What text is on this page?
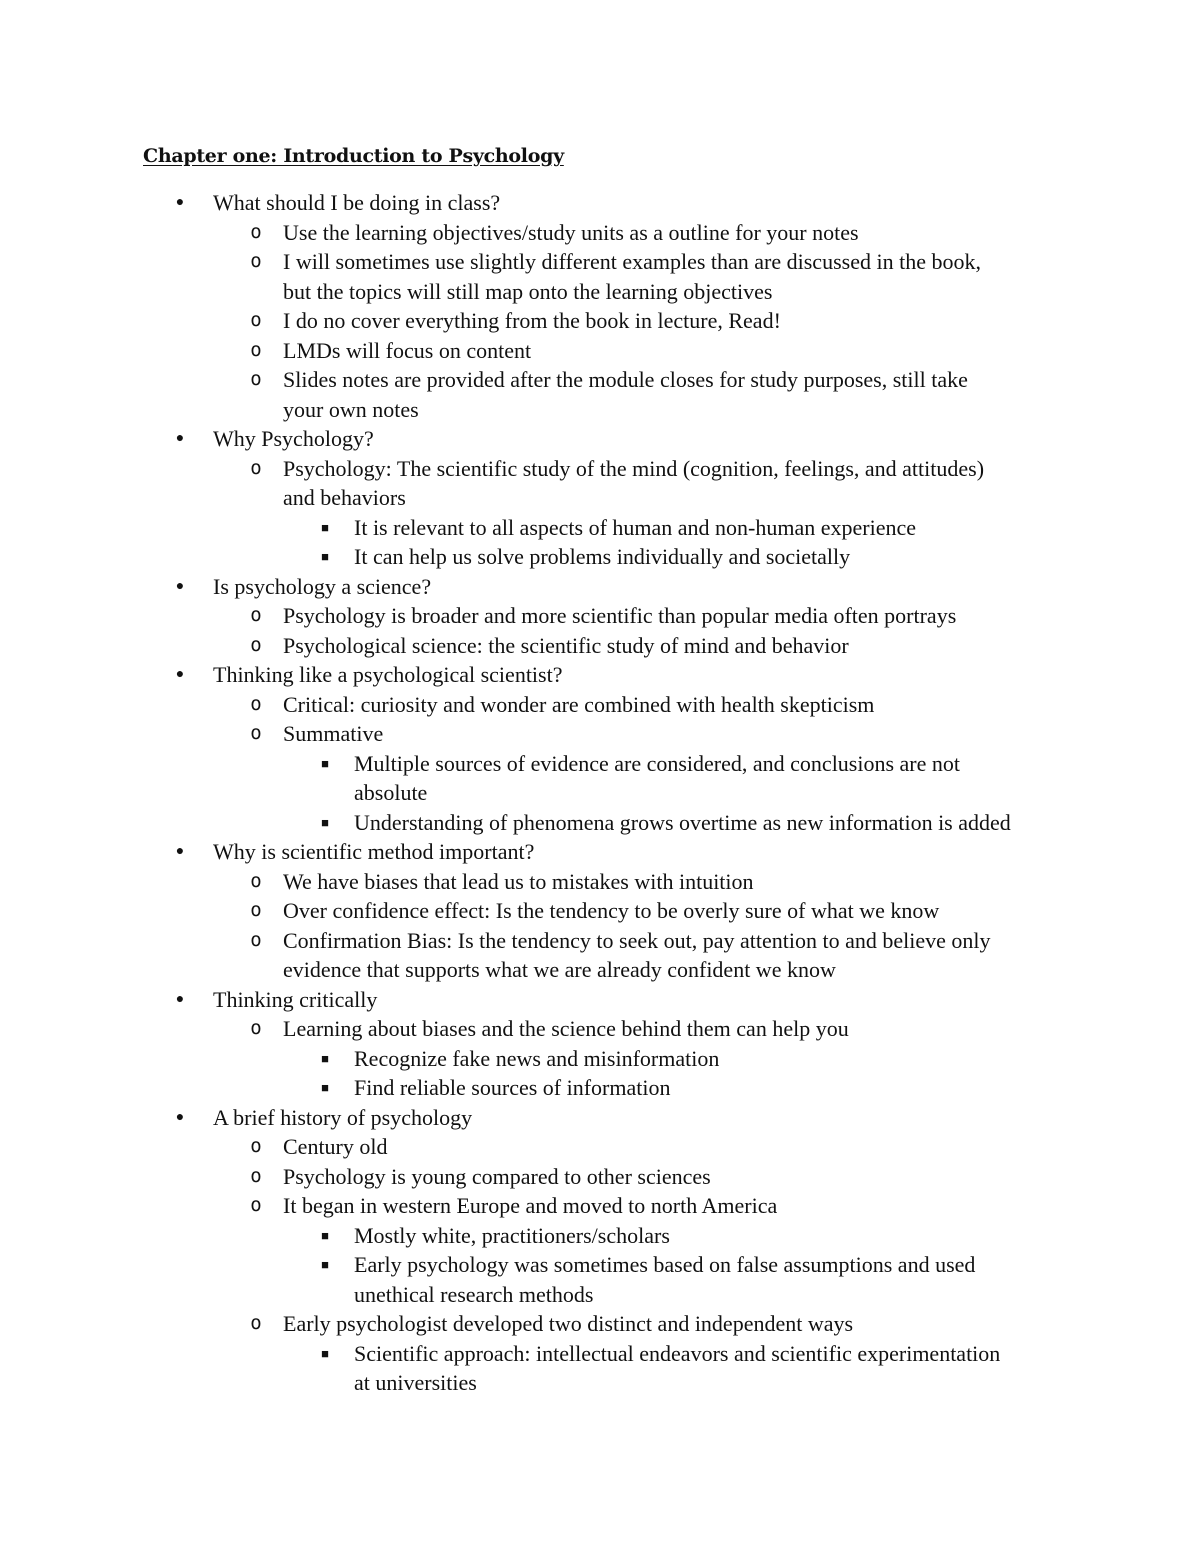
Chapter one: Introduction to Psychology
● What should I be doing in class?
o Use the learning objectives/study units as a outline for your notes
o I will sometimes use slightly different examples than are discussed in the book,
but the topics will still map onto the learning objectives
o I do no cover everything from the book in lecture, Read!
o LMDs will focus on content
o Slides notes are provided after the module closes for study purposes, still take
your own notes
● Why Psychology?
o Psychology: The scientific study of the mind (cognition, feelings, and attitudes)
and behaviors
■ It is relevant to all aspects of human and non-human experience
■ It can help us solve problems individually and societally
● Is psychology a science?
o Psychology is broader and more scientific than popular media often portrays
o Psychological science: the scientific study of mind and behavior
● Thinking like a psychological scientist?
o Critical: curiosity and wonder are combined with health skepticism
o Summative
■ Multiple sources of evidence are considered, and conclusions are not
absolute
■ Understanding of phenomena grows overtime as new information is added
● Why is scientific method important?
o We have biases that lead us to mistakes with intuition
o Over confidence effect: Is the tendency to be overly sure of what we know
o Confirmation Bias: Is the tendency to seek out, pay attention to and believe only
evidence that supports what we are already confident we know
● Thinking critically
o Learning about biases and the science behind them can help you
■ Recognize fake news and misinformation
■ Find reliable sources of information
● A brief history of psychology
o Century old
o Psychology is young compared to other sciences
o It began in western Europe and moved to north America
■ Mostly white, practitioners/scholars
■ Early psychology was sometimes based on false assumptions and used
unethical research methods
o Early psychologist developed two distinct and independent ways
■ Scientific approach: intellectual endeavors and scientific experimentation
at universities
